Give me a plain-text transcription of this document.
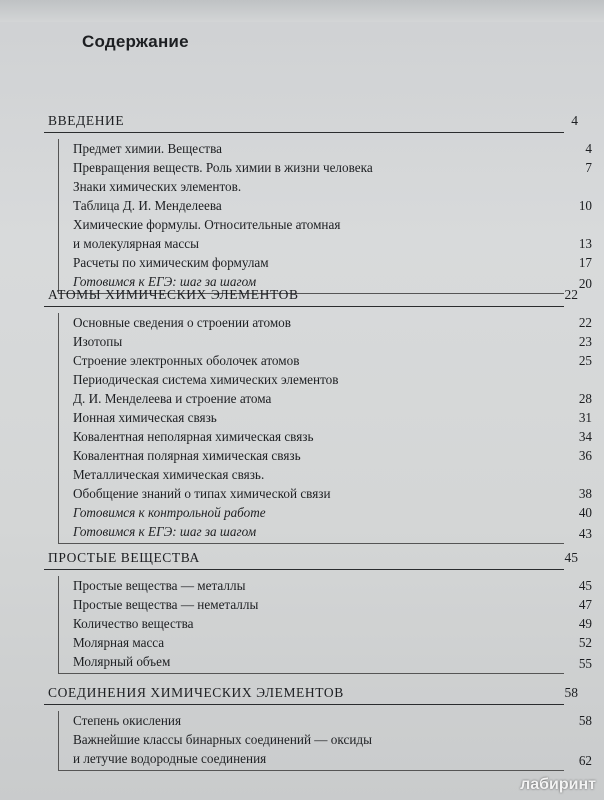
Содержание
ВВЕДЕНИЕ	4
Предмет химии. Вещества	4
Превращения веществ. Роль химии в жизни человека	7
Знаки химических элементов.
Таблица Д. И. Менделеева	10
Химические формулы. Относительные атомная
и молекулярная массы	13
Расчеты по химическим формулам	17
Готовимся к ЕГЭ: шаг за шагом	20
АТОМЫ ХИМИЧЕСКИХ ЭЛЕМЕНТОВ	22
Основные сведения о строении атомов	22
Изотопы	23
Строение электронных оболочек атомов	25
Периодическая система химических элементов
Д. И. Менделеева и строение атома	28
Ионная химическая связь	31
Ковалентная неполярная химическая связь	34
Ковалентная полярная химическая связь	36
Металлическая химическая связь.
Обобщение знаний о типах химической связи	38
Готовимся к контрольной работе	40
Готовимся к ЕГЭ: шаг за шагом	43
ПРОСТЫЕ ВЕЩЕСТВА	45
Простые вещества — металлы	45
Простые вещества — неметаллы	47
Количество вещества	49
Молярная масса	52
Молярный объем	55
СОЕДИНЕНИЯ ХИМИЧЕСКИХ ЭЛЕМЕНТОВ	58
Степень окисления	58
Важнейшие классы бинарных соединений — оксиды
и летучие водородные соединения	62
лабиринт
